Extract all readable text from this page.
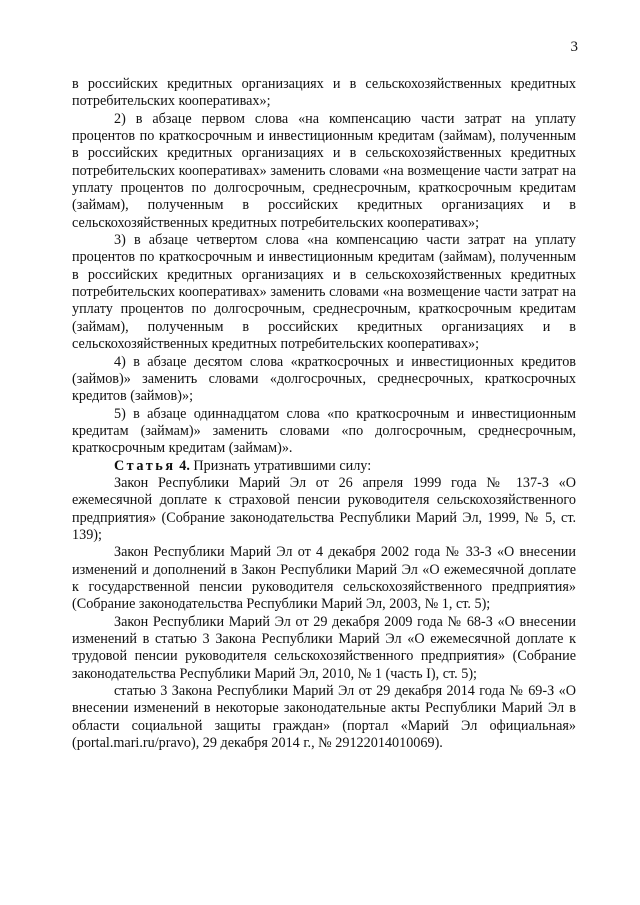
3

в российских кредитных организациях и в сельскохозяйственных кредитных потребительских кооперативах»;

2) в абзаце первом слова «на компенсацию части затрат на уплату процентов по краткосрочным и инвестиционным кредитам (займам), полученным в российских кредитных организациях и в сельскохозяйственных кредитных потребительских кооперативах» заменить словами «на возмещение части затрат на уплату процентов по долгосрочным, среднесрочным, краткосрочным кредитам (займам), полученным в российских кредитных организациях и в сельскохозяйственных кредитных потребительских кооперативах»;

3) в абзаце четвертом слова «на компенсацию части затрат на уплату процентов по краткосрочным и инвестиционным кредитам (займам), полученным в российских кредитных организациях и в сельскохозяйственных кредитных потребительских кооперативах» заменить словами «на возмещение части затрат на уплату процентов по долгосрочным, среднесрочным, краткосрочным кредитам (займам), полученным в российских кредитных организациях и в сельскохозяйственных кредитных потребительских кооперативах»;

4) в абзаце десятом слова «краткосрочных и инвестиционных кредитов (займов)» заменить словами «долгосрочных, среднесрочных, краткосрочных кредитов (займов)»;

5) в абзаце одиннадцатом слова «по краткосрочным и инвестиционным кредитам (займам)» заменить словами «по долгосрочным, среднесрочным, краткосрочным кредитам (займам)».

Статья 4. Признать утратившими силу:

Закон Республики Марий Эл от 26 апреля 1999 года № 137-З «О ежемесячной доплате к страховой пенсии руководителя сельскохозяйственного предприятия» (Собрание законодательства Республики Марий Эл, 1999, № 5, ст. 139);

Закон Республики Марий Эл от 4 декабря 2002 года № 33-З «О внесении изменений и дополнений в Закон Республики Марий Эл «О ежемесячной доплате к государственной пенсии руководителя сельскохозяйственного предприятия» (Собрание законодательства Республики Марий Эл, 2003, № 1, ст. 5);

Закон Республики Марий Эл от 29 декабря 2009 года № 68-З «О внесении изменений в статью 3 Закона Республики Марий Эл «О ежемесячной доплате к трудовой пенсии руководителя сельскохозяйственного предприятия» (Собрание законодательства Республики Марий Эл, 2010, № 1 (часть I), ст. 5);

статью 3 Закона Республики Марий Эл от 29 декабря 2014 года № 69-З «О внесении изменений в некоторые законодательные акты Республики Марий Эл в области социальной защиты граждан» (портал «Марий Эл официальная» (portal.mari.ru/pravo), 29 декабря 2014 г., № 29122014010069).
